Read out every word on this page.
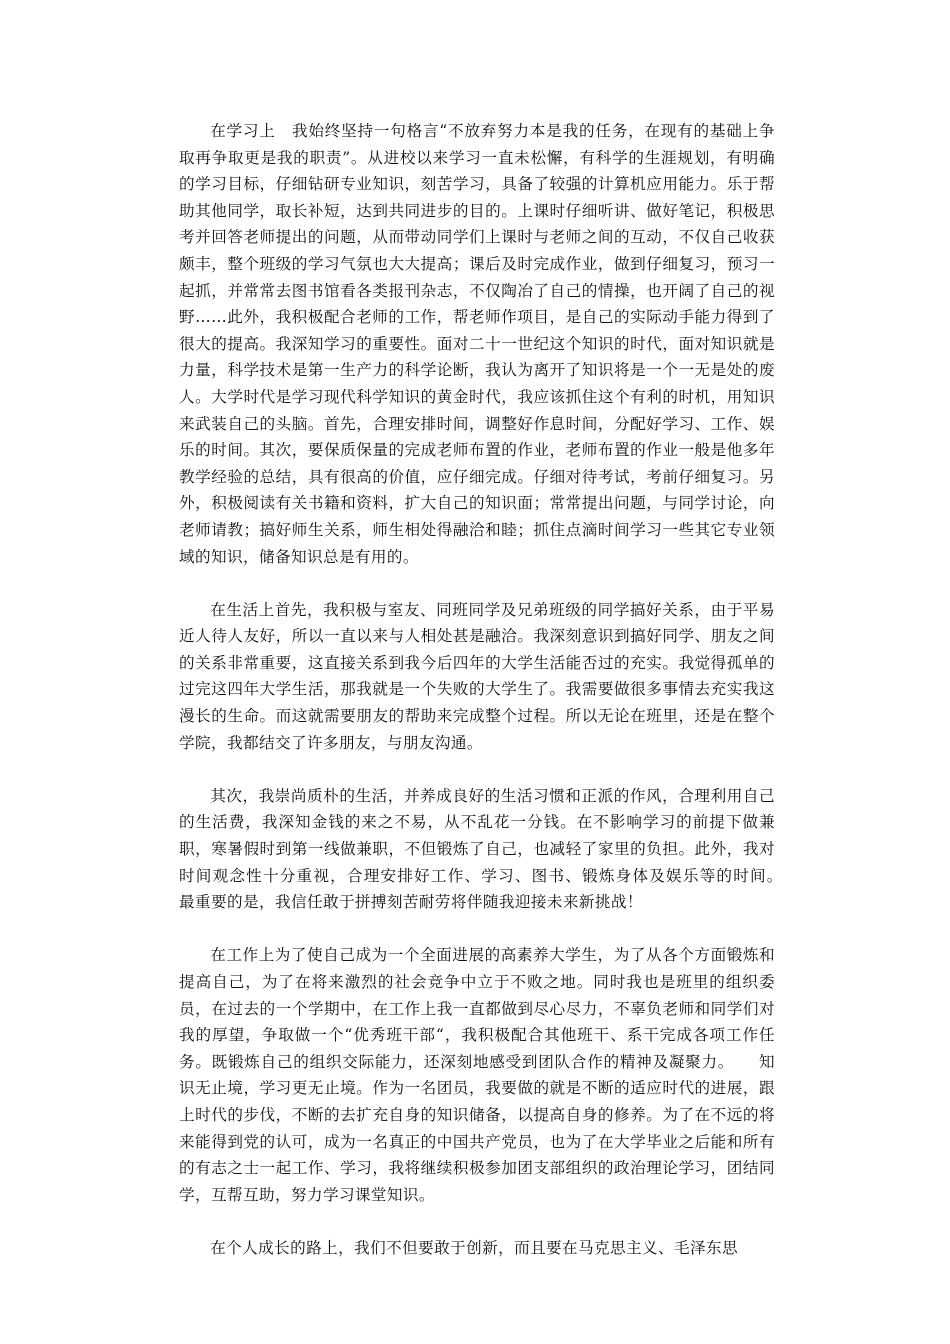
在学习上　我始终坚持一句格言“不放弃努力本是我的任务，在现有的基础上争取再争取更是我的职责”。从进校以来学习一直未松懈，有科学的生涯规划，有明确的学习目标，仔细钻研专业知识，刻苦学习，具备了较强的计算机应用能力。乐于帮助其他同学，取长补短，达到共同进步的目的。上课时仔细听讲、做好笔记，积极思考并回答老师提出的问题，从而带动同学们上课时与老师之间的互动，不仅自己收获颇丰，整个班级的学习气氛也大大提高；课后及时完成作业，做到仔细复习，预习一起抓，并常常去图书馆看各类报刊杂志，不仅陶冶了自己的情操，也开阔了自己的视野……此外，我积极配合老师的工作，帮老师作项目，是自己的实际动手能力得到了很大的提高。我深知学习的重要性。面对二十一世纪这个知识的时代，面对知识就是力量，科学技术是第一生产力的科学论断，我认为离开了知识将是一个一无是处的废人。大学时代是学习现代科学知识的黄金时代，我应该抓住这个有利的时机，用知识来武装自己的头脑。首先，合理安排时间，调整好作息时间，分配好学习、工作、娱乐的时间。其次，要保质保量的完成老师布置的作业，老师布置的作业一般是他多年教学经验的总结，具有很高的价值，应仔细完成。仔细对待考试，考前仔细复习。另外，积极阅读有关书籍和资料，扩大自己的知识面；常常提出问题，与同学讨论，向老师请教；搞好师生关系，师生相处得融洽和睦；抓住点滴时间学习一些其它专业领域的知识，储备知识总是有用的。

在生活上首先，我积极与室友、同班同学及兄弟班级的同学搞好关系，由于平易近人待人友好，所以一直以来与人相处甚是融洽。我深刻意识到搞好同学、朋友之间的关系非常重要，这直接关系到我今后四年的大学生活能否过的充实。我觉得孤单的过完这四年大学生活，那我就是一个失败的大学生了。我需要做很多事情去充实我这漫长的生命。而这就需要朋友的帮助来完成整个过程。所以无论在班里，还是在整个学院，我都结交了许多朋友，与朋友沟通。

其次，我崇尚质朴的生活，并养成良好的生活习惯和正派的作风，合理利用自己的生活费，我深知金钱的来之不易，从不乱花一分钱。在不影响学习的前提下做兼职，寒暑假时到第一线做兼职，不但锻炼了自己，也减轻了家里的负担。此外，我对时间观念性十分重视，合理安排好工作、学习、图书、锻炼身体及娱乐等的时间。　最重要的是，我信任敢于拼搏刻苦耐劳将伴随我迎接未来新挑战！

在工作上为了使自己成为一个全面进展的高素养大学生，为了从各个方面锻炼和提高自己，为了在将来激烈的社会竞争中立于不败之地。同时我也是班里的组织委员，在过去的一个学期中，在工作上我一直都做到尽心尽力，不辜负老师和同学们对我的厚望，争取做一个“优秀班干部“，我积极配合其他班干、系干完成各项工作任务。既锻炼自己的组织交际能力，还深刻地感受到团队合作的精神及凝聚力。　　知识无止境，学习更无止境。作为一名团员，我要做的就是不断的适应时代的进展，跟上时代的步伐，不断的去扩充自身的知识储备，以提高自身的修养。为了在不远的将来能得到党的认可，成为一名真正的中国共产党员，也为了在大学毕业之后能和所有的有志之士一起工作、学习，我将继续积极参加团支部组织的政治理论学习，团结同学，互帮互助，努力学习课堂知识。

在个人成长的路上，我们不但要敢于创新，而且要在马克思主义、毛泽东思
